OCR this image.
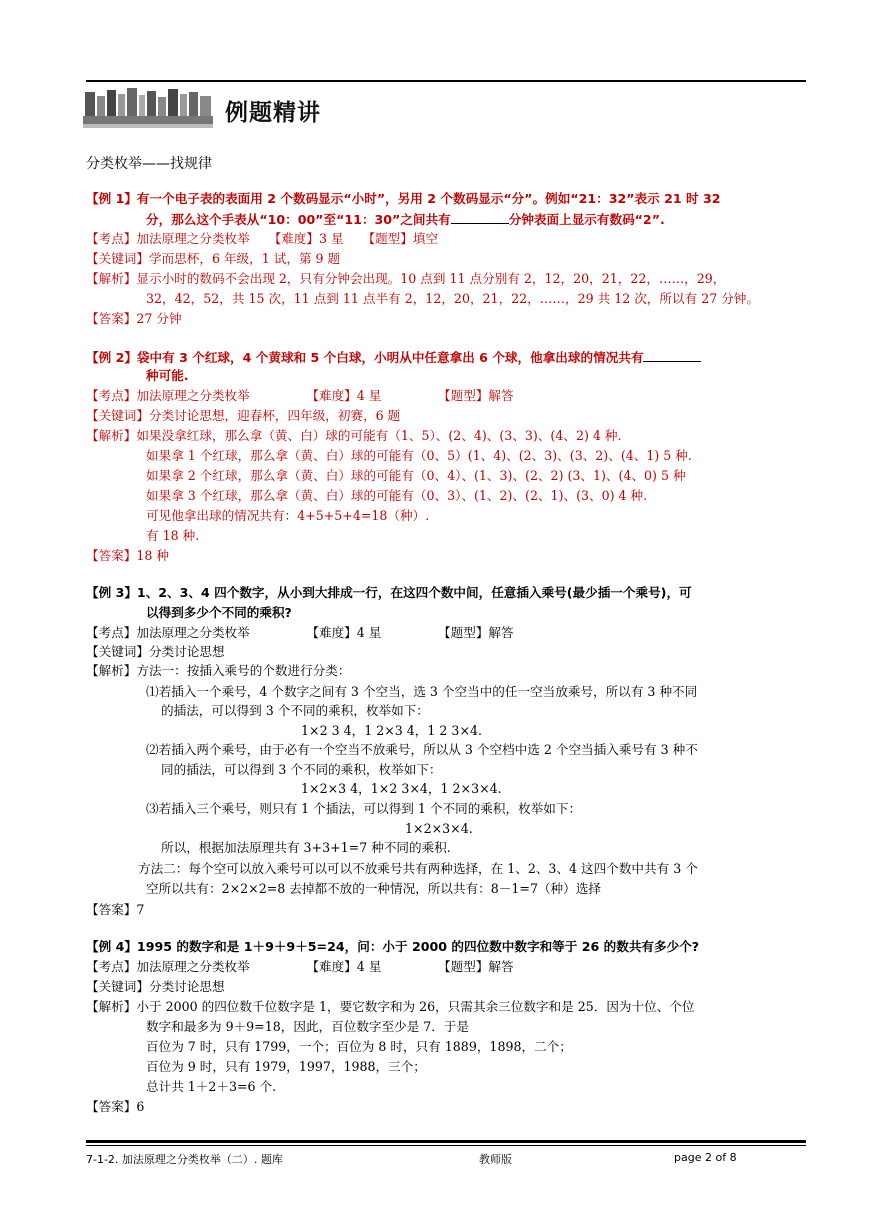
例题精讲
分类枚举——找规律
【例 1】有一个电子表的表面用 2 个数码显示“小时”，另用 2 个数码显示“分”。例如“21：32”表示 21 时 32
分，那么这个手表从“10：00”至“11：30”之间共有	分钟表面上显示有数码“2”.
【考点】加法原理之分类枚举　　【难度】3 星　　【题型】填空
【关键词】学而思杯，6 年级，1 试，第 9 题
【解析】显示小时的数码不会出现 2，只有分钟会出现。10 点到 11 点分别有 2，12，20，21，22，……，29，
32，42，52，共 15 次，11 点到 11 点半有 2，12，20，21，22，……，29 共 12 次，所以有 27 分钟。
【答案】27 分钟
【例 2】袋中有 3 个红球，4 个黄球和 5 个白球，小明从中任意拿出 6 个球，他拿出球的情况共有
种可能.
【考点】加法原理之分类枚举　　　　　【难度】4 星　　　　　【题型】解答
【关键词】分类讨论思想，迎春杯，四年级，初赛，6 题
【解析】如果没拿红球，那么拿（黄、白）球的可能有（1、5）、(2、4)、(3、3)、(4、2) 4 种.
如果拿 1 个红球，那么拿（黄、白）球的可能有（0、5）(1、4)、(2、3)、(3、2)、(4、1) 5 种.
如果拿 2 个红球，那么拿（黄、白）球的可能有（0、4）、(1、3)、(2、2) (3、1)、(4、0) 5 种
如果拿 3 个红球，那么拿（黄、白）球的可能有（0、3）、(1、2)、(2、1)、(3、0) 4 种.
可见他拿出球的情况共有：4+5+5+4=18（种）.
有 18 种.
【答案】18 种
【例 3】1、2、3、4 四个数字，从小到大排成一行，在这四个数中间，任意插入乘号(最少插一个乘号)，可
以得到多少个不同的乘积?
【考点】加法原理之分类枚举　　　　　【难度】4 星　　　　　【题型】解答
【关键词】分类讨论思想
【解析】方法一：按插入乘号的个数进行分类：
⑴若插入一个乘号，4 个数字之间有 3 个空当，选 3 个空当中的任一空当放乘号，所以有 3 种不同
的插法，可以得到 3 个不同的乘积，枚举如下：
1×2 3 4，1 2×3 4，1 2 3×4.
⑵若插入两个乘号，由于必有一个空当不放乘号，所以从 3 个空档中选 2 个空当插入乘号有 3 种不
同的插法，可以得到 3 个不同的乘积，枚举如下：
1×2×3 4，1×2 3×4，1 2×3×4.
⑶若插入三个乘号，则只有 1 个插法，可以得到 1 个不同的乘积，枚举如下：
1×2×3×4.
所以，根据加法原理共有 3+3+1=7 种不同的乘积.
方法二：每个空可以放入乘号可以可以不放乘号共有两种选择，在 1、2、3、4 这四个数中共有 3 个
空所以共有：2×2×2=8 去掉都不放的一种情况，所以共有：8－1=7（种）选择
【答案】7
【例 4】1995 的数字和是 1＋9＋9＋5=24，问：小于 2000 的四位数中数字和等于 26 的数共有多少个?
【考点】加法原理之分类枚举　　　　　【难度】4 星　　　　　【题型】解答
【关键词】分类讨论思想
【解析】小于 2000 的四位数千位数字是 1，要它数字和为 26，只需其余三位数字和是 25．因为十位、个位
数字和最多为 9＋9=18，因此，百位数字至少是 7．于是
百位为 7 时，只有 1799，一个；百位为 8 时，只有 1889，1898，二个；
百位为 9 时，只有 1979，1997，1988，三个；
总计共 1＋2＋3=6 个.
【答案】6
7-1-2. 加法原理之分类枚举（二）. 题库	教师版	page 2 of 8
